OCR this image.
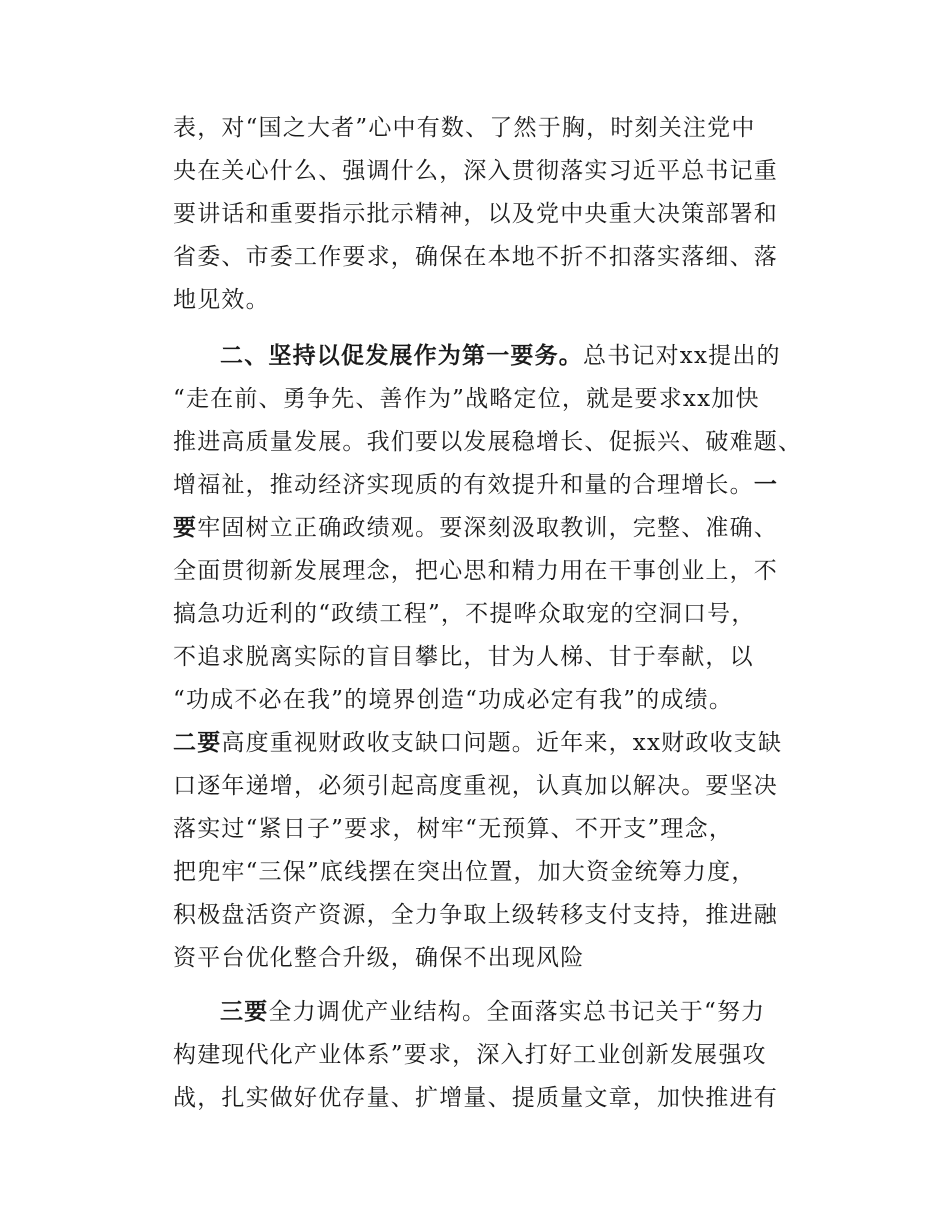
表，对“国之大者”心中有数、了然于胸，时刻关注党中
央在关心什么、强调什么，深入贯彻落实习近平总书记重
要讲话和重要指示批示精神，以及党中央重大决策部署和
省委、市委工作要求，确保在本地不折不扣落实落细、落
地见效。
二、坚持以促发展作为第一要务。总书记对xx提出的
“走在前、勇争先、善作为”战略定位，就是要求xx加快
推进高质量发展。我们要以发展稳增长、促振兴、破难题、
增福祉，推动经济实现质的有效提升和量的合理增长。一
要牢固树立正确政绩观。要深刻汲取教训，完整、准确、
全面贯彻新发展理念，把心思和精力用在干事创业上，不
搞急功近利的“政绩工程”，不提哗众取宠的空洞口号，
不追求脱离实际的盲目攀比，甘为人梯、甘于奉献，以
“功成不必在我”的境界创造“功成必定有我”的成绩。
二要高度重视财政收支缺口问题。近年来，xx财政收支缺
口逐年递增，必须引起高度重视，认真加以解决。要坚决
落实过“紧日子”要求，树牢“无预算、不开支”理念，
把兜牢“三保”底线摆在突出位置，加大资金统筹力度，
积极盘活资产资源，全力争取上级转移支付支持，推进融
资平台优化整合升级，确保不出现风险
三要全力调优产业结构。全面落实总书记关于“努力
构建现代化产业体系”要求，深入打好工业创新发展强攻
战，扎实做好优存量、扩增量、提质量文章，加快推进有
